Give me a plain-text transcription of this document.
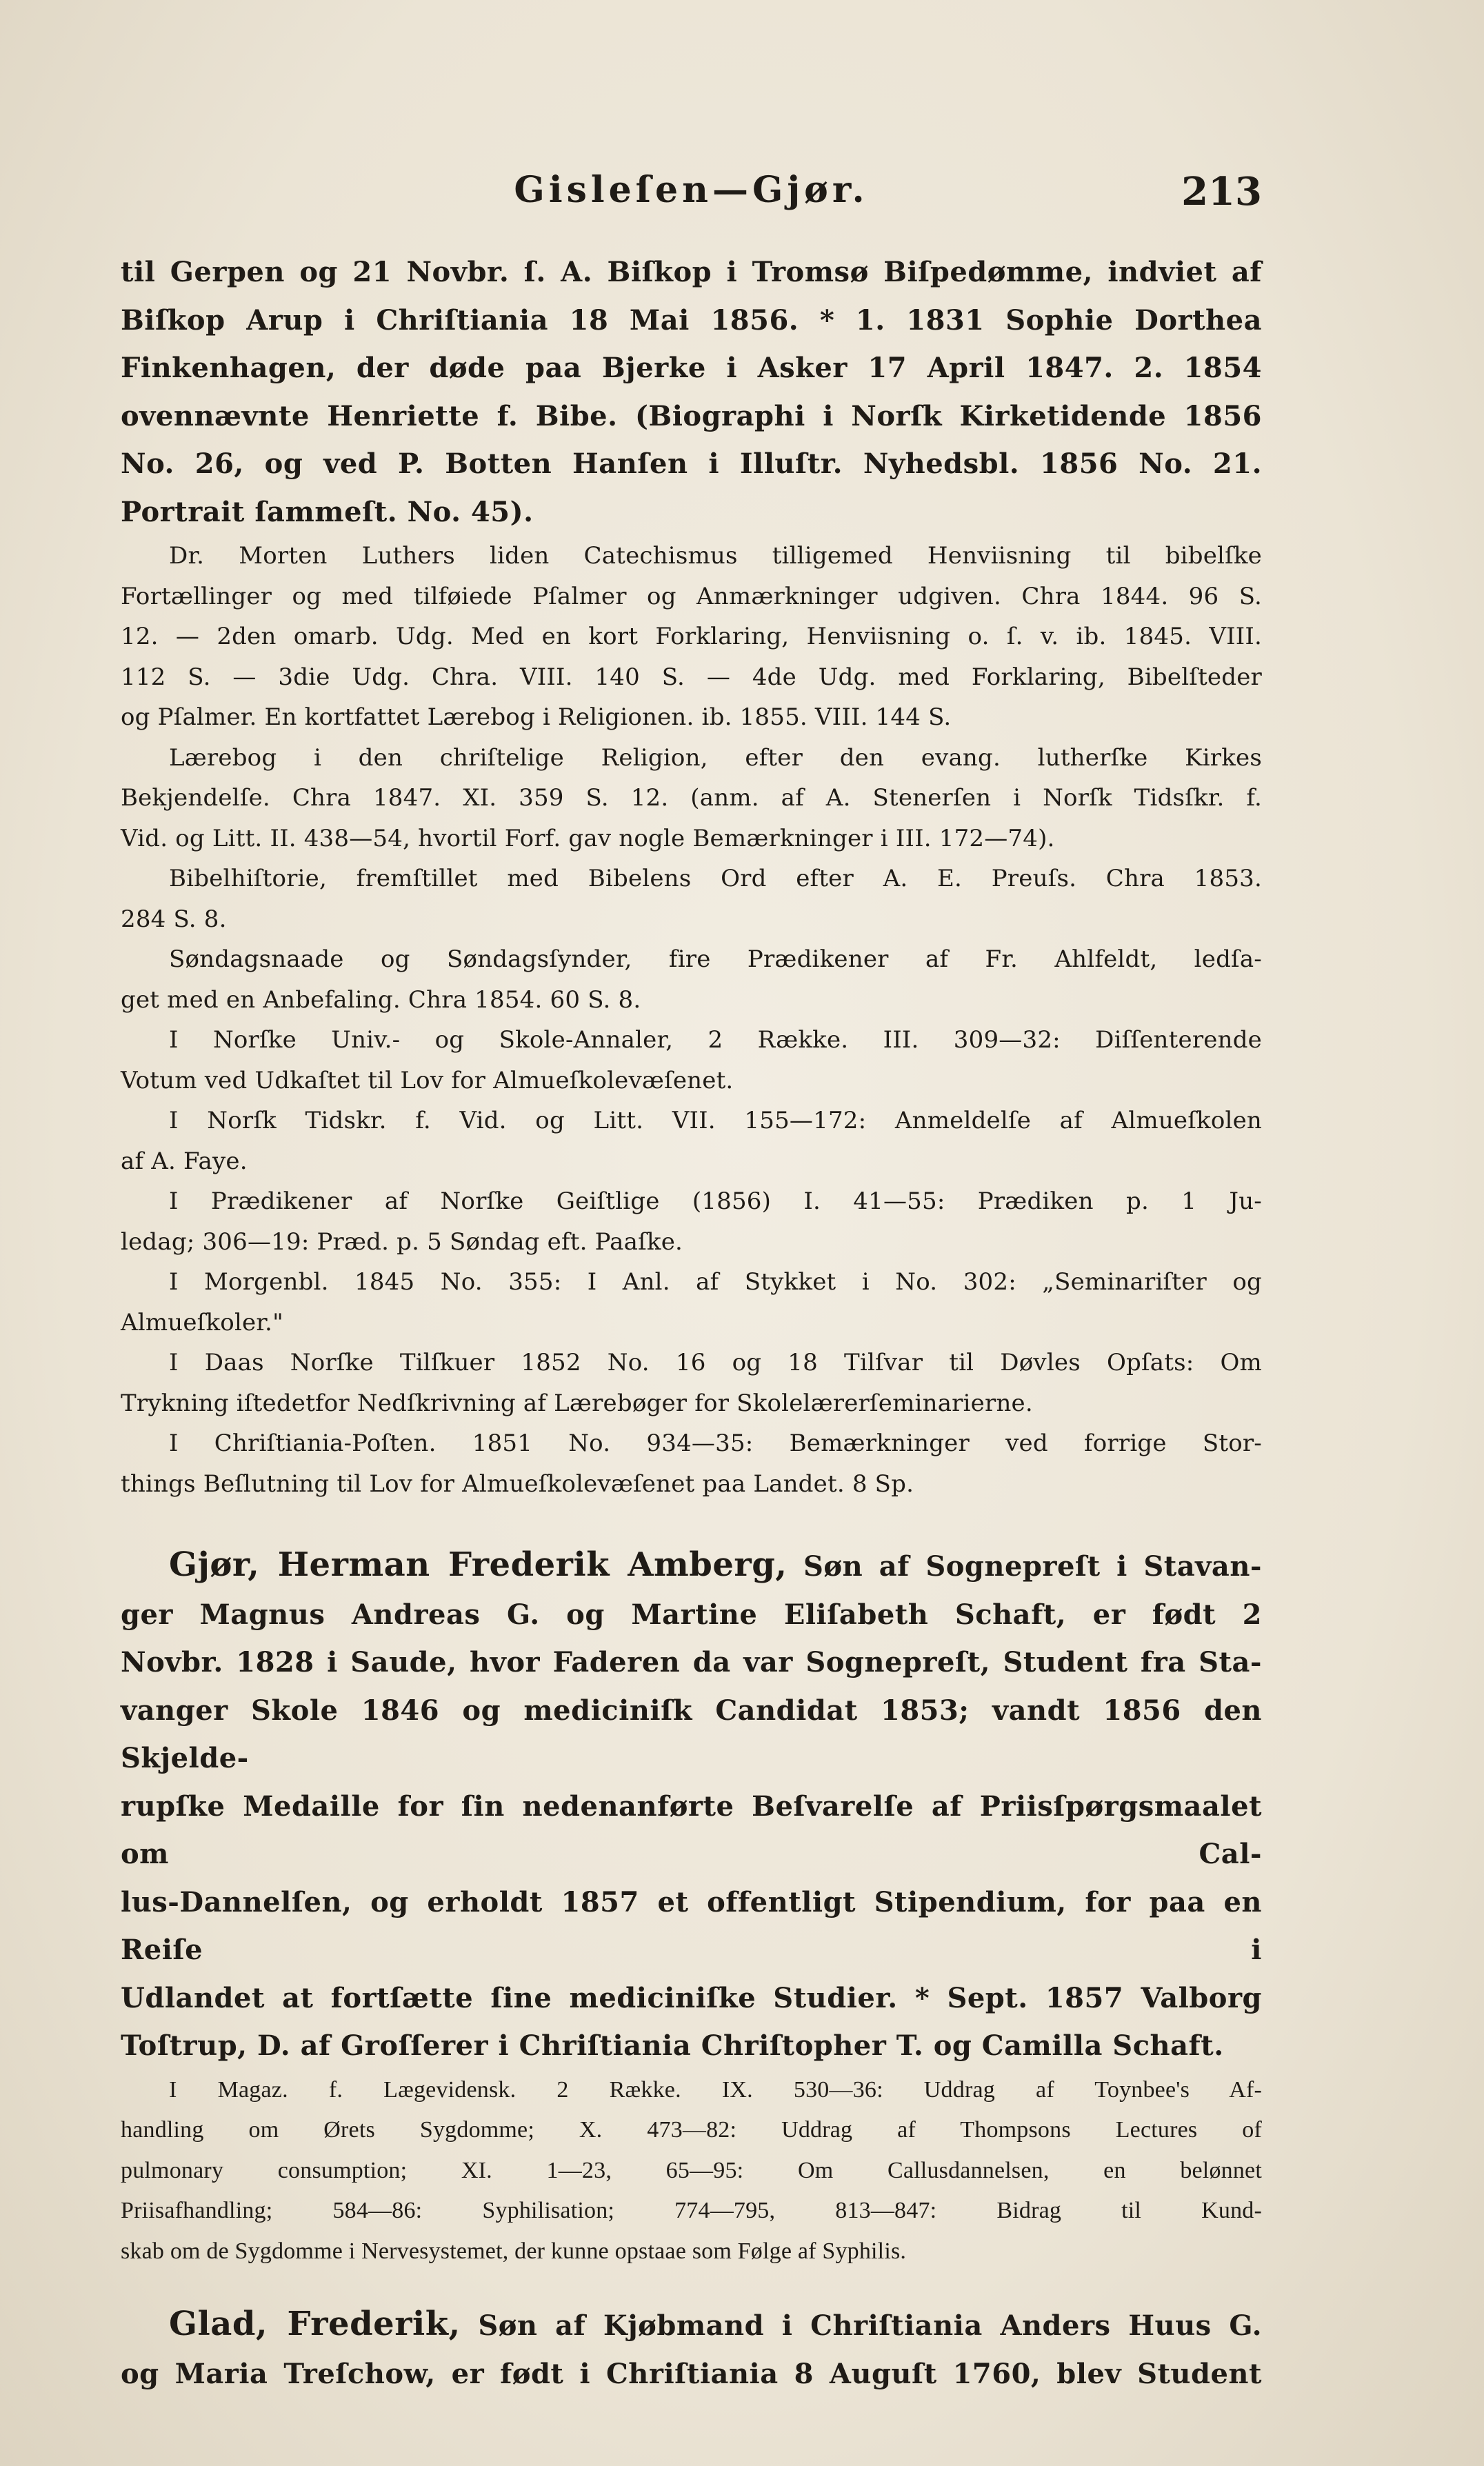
Gisleſen—Gjør.	213
til Gerpen og 21 Novbr. ſ. A. Biſkop i Tromsø Biſpedømme, indviet af
Biſkop Arup i Chriſtiania 18 Mai 1856. * 1. 1831 Sophie Dorthea
Finkenhagen, der døde paa Bjerke i Asker 17 April 1847. 2. 1854
ovennævnte Henriette f. Bibe. (Biographi i Norſk Kirketidende 1856
No. 26, og ved P. Botten Hanſen i Illuſtr. Nyhedsbl. 1856 No. 21.
Portrait ſammeſt. No. 45).
Dr. Morten Luthers liden Catechismus tilligemed Henviisning til bibelſke
Fortællinger og med tilføiede Pſalmer og Anmærkninger udgiven. Chra 1844. 96 S.
12. — 2den omarb. Udg. Med en kort Forklaring, Henviisning o. ſ. v. ib. 1845. VIII.
112 S. — 3die Udg. Chra. VIII. 140 S. — 4de Udg. med Forklaring, Bibelſteder
og Pſalmer. En kortfattet Lærebog i Religionen. ib. 1855. VIII. 144 S.
Lærebog i den chriſtelige Religion, efter den evang. lutherſke Kirkes
Bekjendelſe. Chra 1847. XI. 359 S. 12. (anm. af A. Stenerſen i Norſk Tidsſkr. f.
Vid. og Litt. II. 438—54, hvortil Forf. gav nogle Bemærkninger i III. 172—74).
Bibelhiſtorie, fremſtillet med Bibelens Ord efter A. E. Preuſs. Chra 1853.
284 S. 8.
Søndagsnaade og Søndagsſynder, fire Prædikener af Fr. Ahlfeldt, ledſa-
get med en Anbefaling. Chra 1854. 60 S. 8.
I Norſke Univ.- og Skole-Annaler, 2 Række. III. 309—32: Diſſenterende
Votum ved Udkaſtet til Lov for Almueſkolevæſenet.
I Norſk Tidskr. f. Vid. og Litt. VII. 155—172: Anmeldelſe af Almueſkolen
af A. Faye.
I Prædikener af Norſke Geiſtlige (1856) I. 41—55: Prædiken p. 1 Ju-
ledag; 306—19: Præd. p. 5 Søndag eft. Paaſke.
I Morgenbl. 1845 No. 355: I Anl. af Stykket i No. 302: „Seminariſter og
Almueſkoler."
I Daas Norſke Tilſkuer 1852 No. 16 og 18 Tilſvar til Døvles Opſats: Om
Trykning iſtedetfor Nedſkrivning af Lærebøger for Skolelærerſeminarierne.
I Chriſtiania-Poſten. 1851 No. 934—35: Bemærkninger ved forrige Stor-
things Beſlutning til Lov for Almueſkolevæſenet paa Landet. 8 Sp.
Gjør, Herman Frederik Amberg, Søn af Sognepreſt i Stavan-
ger Magnus Andreas G. og Martine Eliſabeth Schaft, er født 2
Novbr. 1828 i Saude, hvor Faderen da var Sognepreſt, Student fra Sta-
vanger Skole 1846 og mediciniſk Candidat 1853; vandt 1856 den Skjelde-
rupſke Medaille for ſin nedenanførte Beſvarelſe af Priisſpørgsmaalet om Cal-
lus-Dannelſen, og erholdt 1857 et offentligt Stipendium, for paa en Reiſe i
Udlandet at fortſætte ſine mediciniſke Studier. * Sept. 1857 Valborg
Toſtrup, D. af Groſſerer i Chriſtiania Chriſtopher T. og Camilla Schaft.
I Magaz. f. Lægevidensk. 2 Række. IX. 530—36: Uddrag af Toynbee's Af-
handling om Ørets Sygdomme; X. 473—82: Uddrag af Thompsons Lectures of
pulmonary consumption; XI. 1—23, 65—95: Om Callusdannelsen, en belønnet
Priisafhandling; 584—86: Syphilisation; 774—795, 813—847: Bidrag til Kund-
skab om de Sygdomme i Nervesystemet, der kunne opstaae som Følge af Syphilis.
Glad, Frederik, Søn af Kjøbmand i Chriſtiania Anders Huus G.
og Maria Treſchow, er født i Chriſtiania 8 Auguſt 1760, blev Student
